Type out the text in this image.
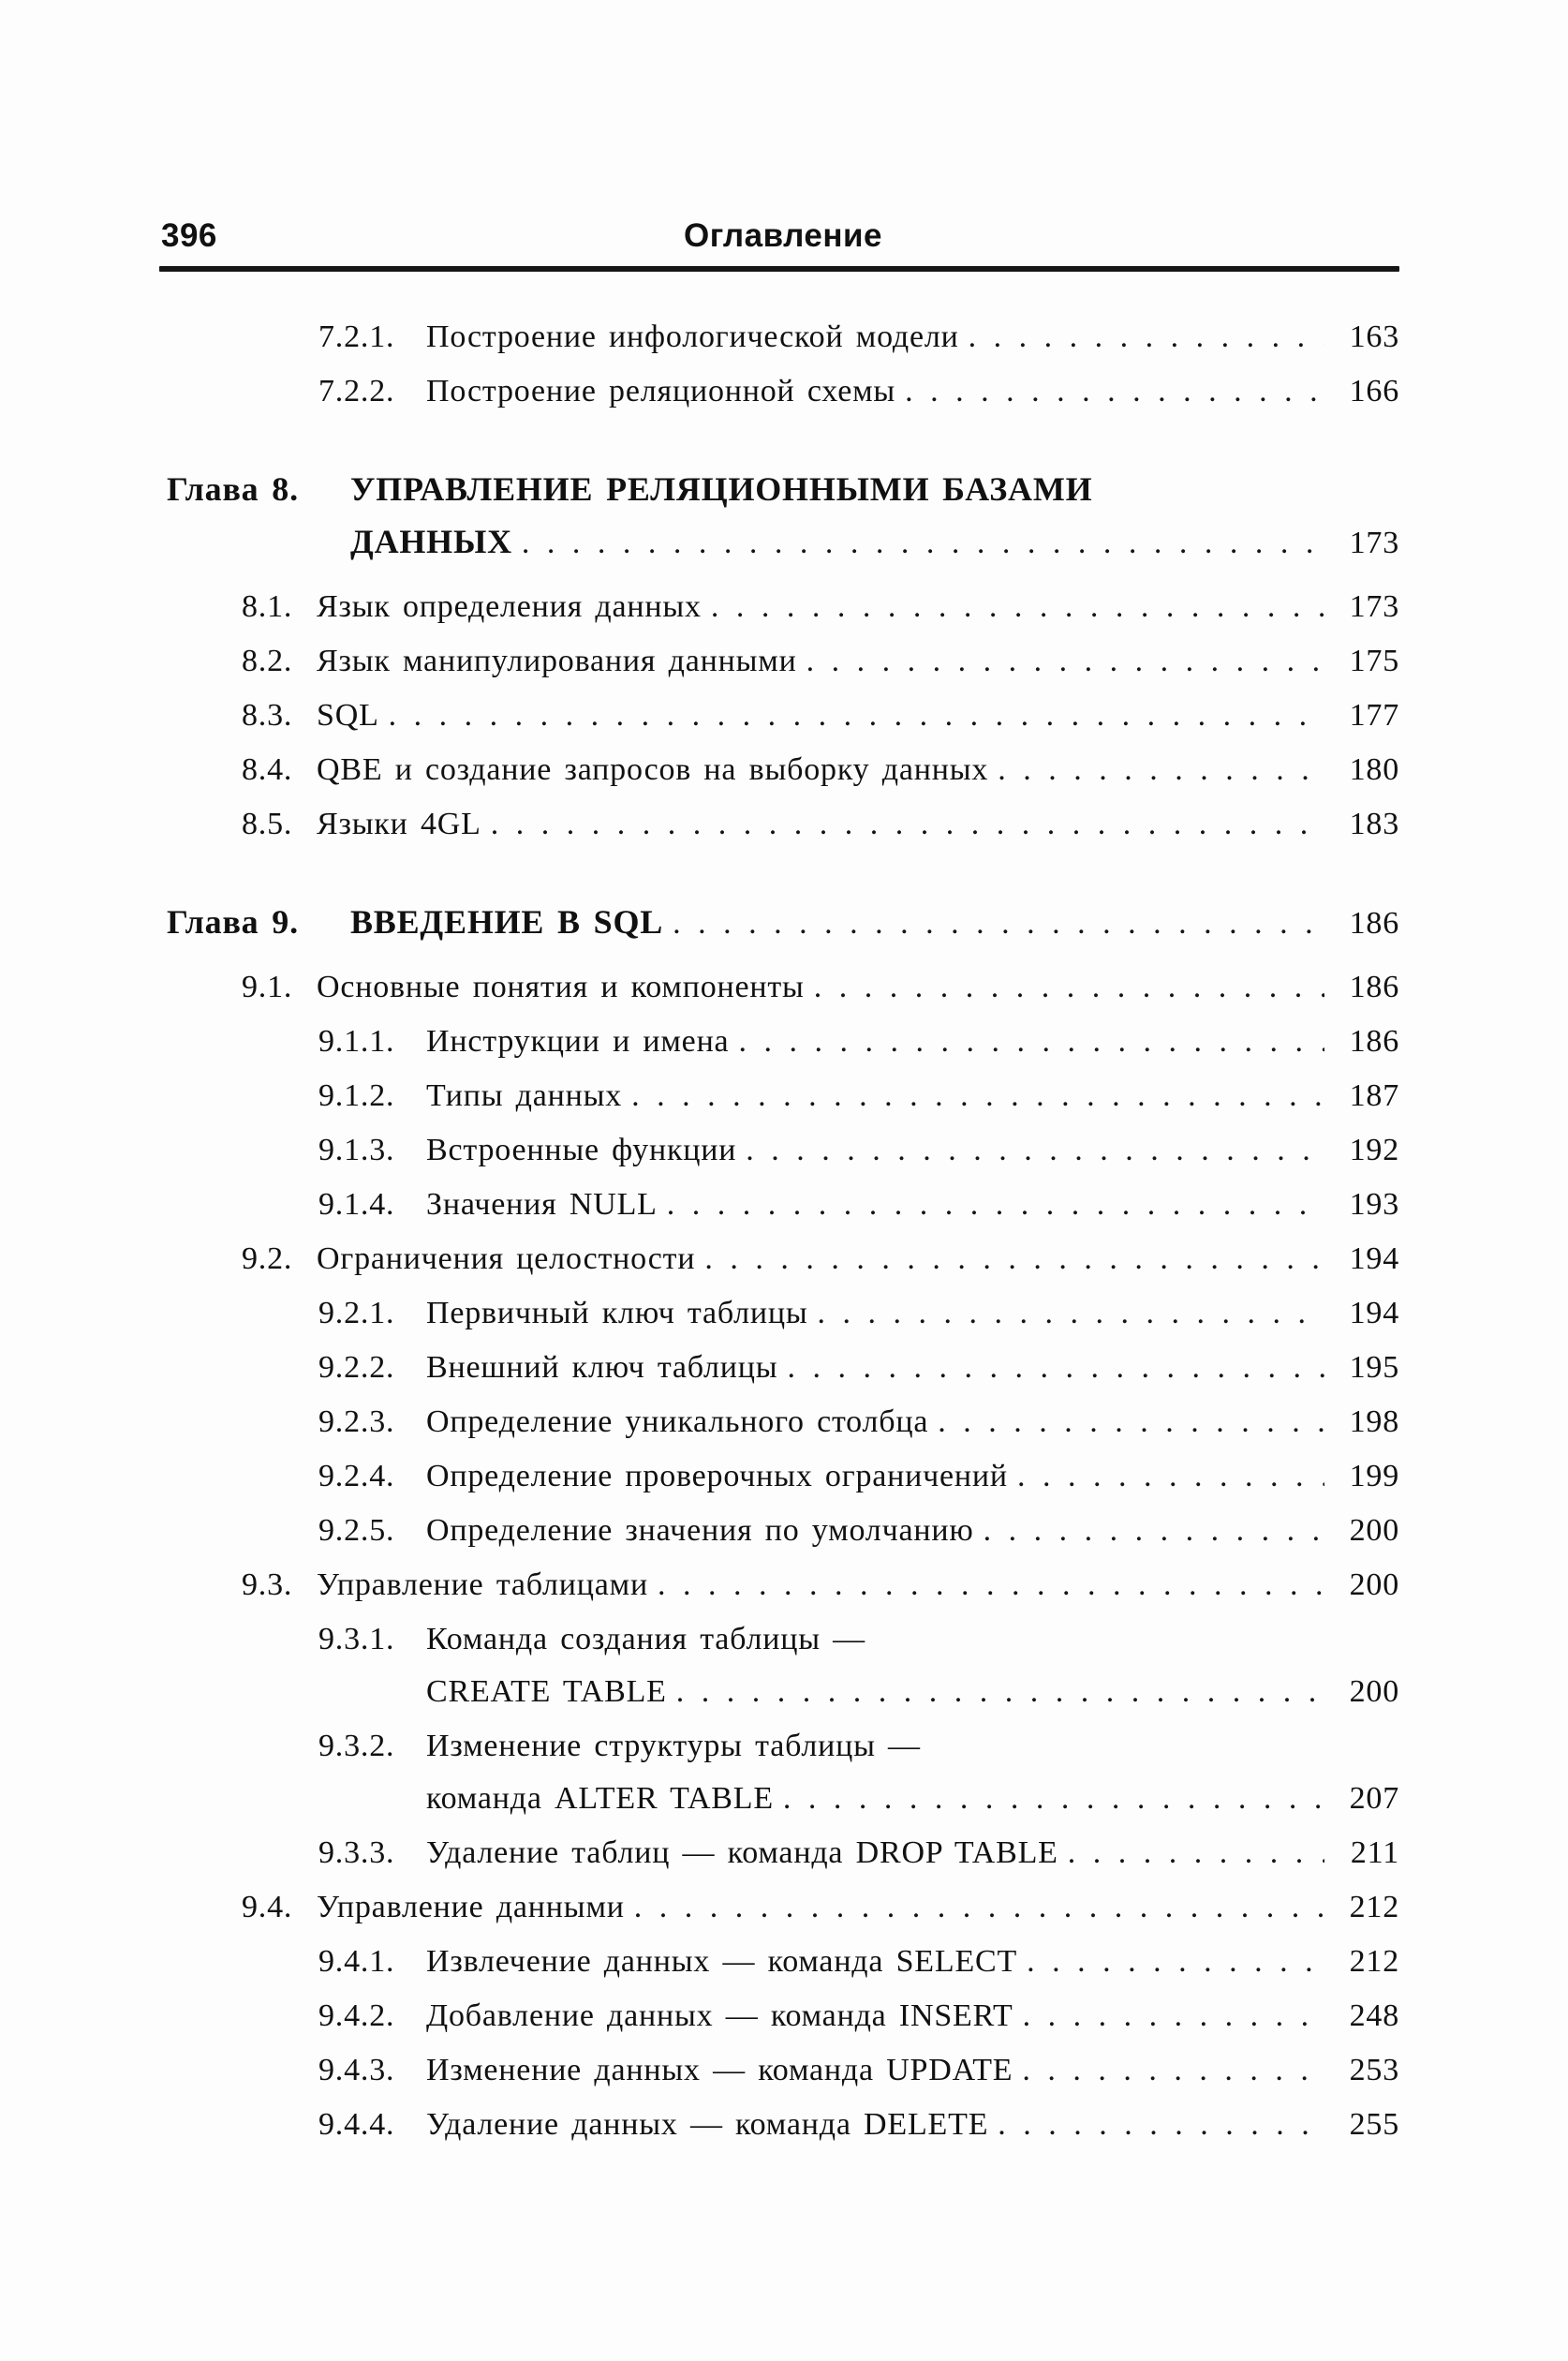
396	Оглавление
7.2.1. Построение инфологической модели . . .	163
7.2.2. Построение реляционной схемы . . .	166
Глава 8.	УПРАВЛЕНИЕ РЕЛЯЦИОННЫМИ БАЗАМИ
ДАННЫХ . . .	173
8.1. Язык определения данных . . .	173
8.2. Язык манипулирования данными . . .	175
8.3. SQL . . .	177
8.4. QBE и создание запросов на выборку данных . . .	180
8.5. Языки 4GL . . .	183
Глава 9.	ВВЕДЕНИЕ В SQL . . .	186
9.1. Основные понятия и компоненты . . .	186
9.1.1. Инструкции и имена . . .	186
9.1.2. Типы данных . . .	187
9.1.3. Встроенные функции . . .	192
9.1.4. Значения NULL . . .	193
9.2. Ограничения целостности . . .	194
9.2.1. Первичный ключ таблицы . . .	194
9.2.2. Внешний ключ таблицы . . .	195
9.2.3. Определение уникального столбца . . .	198
9.2.4. Определение проверочных ограничений . . .	199
9.2.5. Определение значения по умолчанию . . .	200
9.3. Управление таблицами . . .	200
9.3.1. Команда создания таблицы —
CREATE TABLE . . .	200
9.3.2. Изменение структуры таблицы —
команда ALTER TABLE . . .	207
9.3.3. Удаление таблиц — команда DROP TABLE . . .	211
9.4. Управление данными . . .	212
9.4.1. Извлечение данных — команда SELECT . . .	212
9.4.2. Добавление данных — команда INSERT . . .	248
9.4.3. Изменение данных — команда UPDATE . . .	253
9.4.4. Удаление данных — команда DELETE . . .	255
